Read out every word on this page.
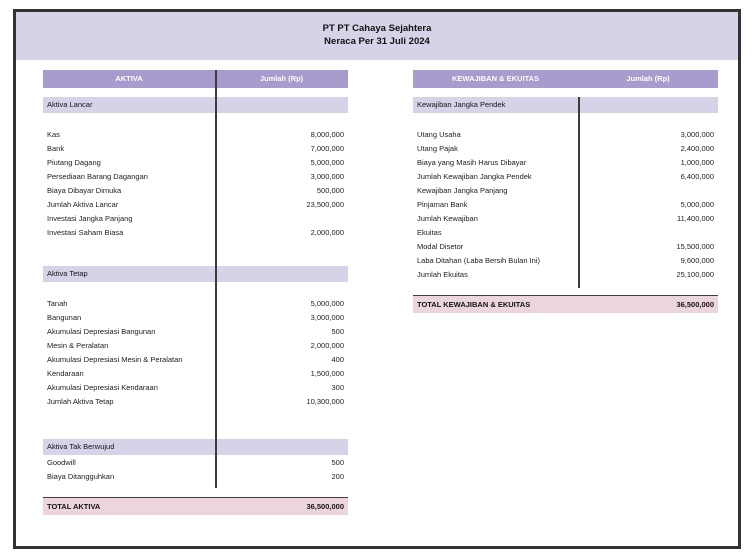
PT PT Cahaya Sejahtera
Neraca Per 31 Juli 2024
AKTIVA	Jumlah (Rp)
Aktiva Lancar
Kas	8,000,000
Bank	7,000,000
Piutang Dagang	5,000,000
Persediaan Barang Dagangan	3,000,000
Biaya Dibayar Dimuka	500,000
Jumlah Aktiva Lancar	23,500,000
Investasi Jangka Panjang
Investasi Saham Biasa	2,000,000
Aktiva Tetap
Tanah	5,000,000
Bangunan	3,000,000
Akumulasi Depresiasi Bangunan	500
Mesin & Peralatan	2,000,000
Akumulasi Depresiasi Mesin & Peralatan	400
Kendaraan	1,500,000
Akumulasi Depresiasi Kendaraan	300
Jumlah Aktiva Tetap	10,300,000
Aktiva Tak Berwujud
Goodwill	500
Biaya Ditangguhkan	200
TOTAL AKTIVA	36,500,000
KEWAJIBAN & EKUITAS	Jumlah (Rp)
Kewajiban Jangka Pendek
Utang Usaha	3,000,000
Utang Pajak	2,400,000
Biaya yang Masih Harus Dibayar	1,000,000
Jumlah Kewajiban Jangka Pendek	6,400,000
Kewajiban Jangka Panjang
Pinjaman Bank	5,000,000
Jumlah Kewajiban	11,400,000
Ekuitas
Modal Disetor	15,500,000
Laba Ditahan (Laba Bersih Bulan Ini)	9,600,000
Jumlah Ekuitas	25,100,000
TOTAL KEWAJIBAN & EKUITAS	36,500,000
